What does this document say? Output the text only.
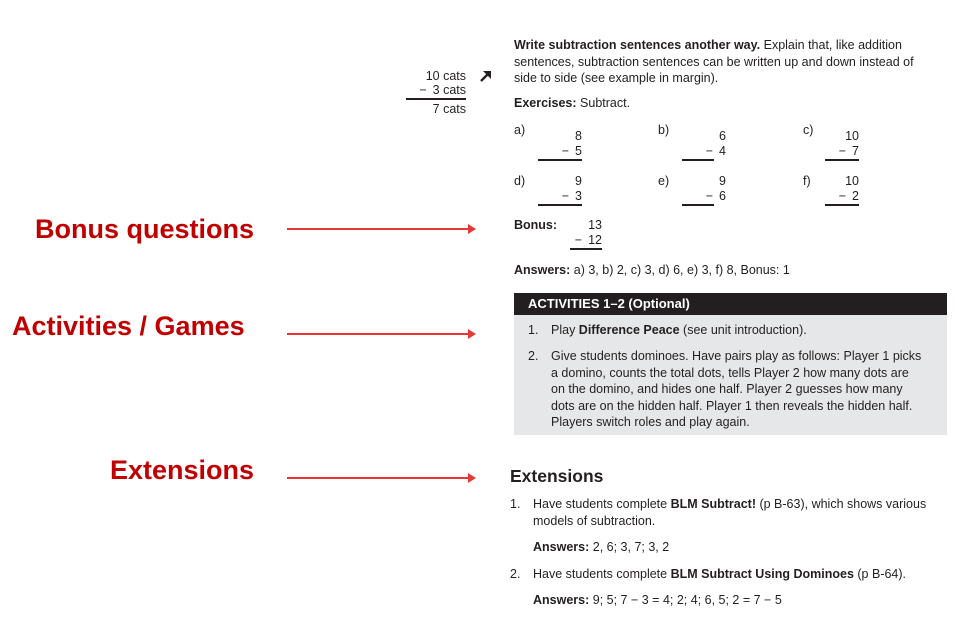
Bonus questions
Activities / Games
Extensions
10 cats
− 3 cats
7 cats
Write subtraction sentences another way. Explain that, like addition
sentences, subtraction sentences can be written up and down instead of
side to side (see example in margin).
Exercises: Subtract.
a)	8
− 5
b)	6
− 4
c)	10
− 7
d)	9
− 3
e)	9
− 6
f)	10
− 2
Bonus:	13
− 12
Answers: a) 3, b) 2, c) 3, d) 6, e) 3, f) 8, Bonus: 1
ACTIVITIES 1–2 (Optional)
1. Play Difference Peace (see unit introduction).
2. Give students dominoes. Have pairs play as follows: Player 1 picks
a domino, counts the total dots, tells Player 2 how many dots are
on the domino, and hides one half. Player 2 guesses how many
dots are on the hidden half. Player 1 then reveals the hidden half.
Players switch roles and play again.
Extensions
1. Have students complete BLM Subtract! (p B-63), which shows various
models of subtraction.
Answers: 2, 6; 3, 7; 3, 2
2. Have students complete BLM Subtract Using Dominoes (p B-64).
Answers: 9; 5; 7 − 3 = 4; 2; 4; 6, 5; 2 = 7 − 5
